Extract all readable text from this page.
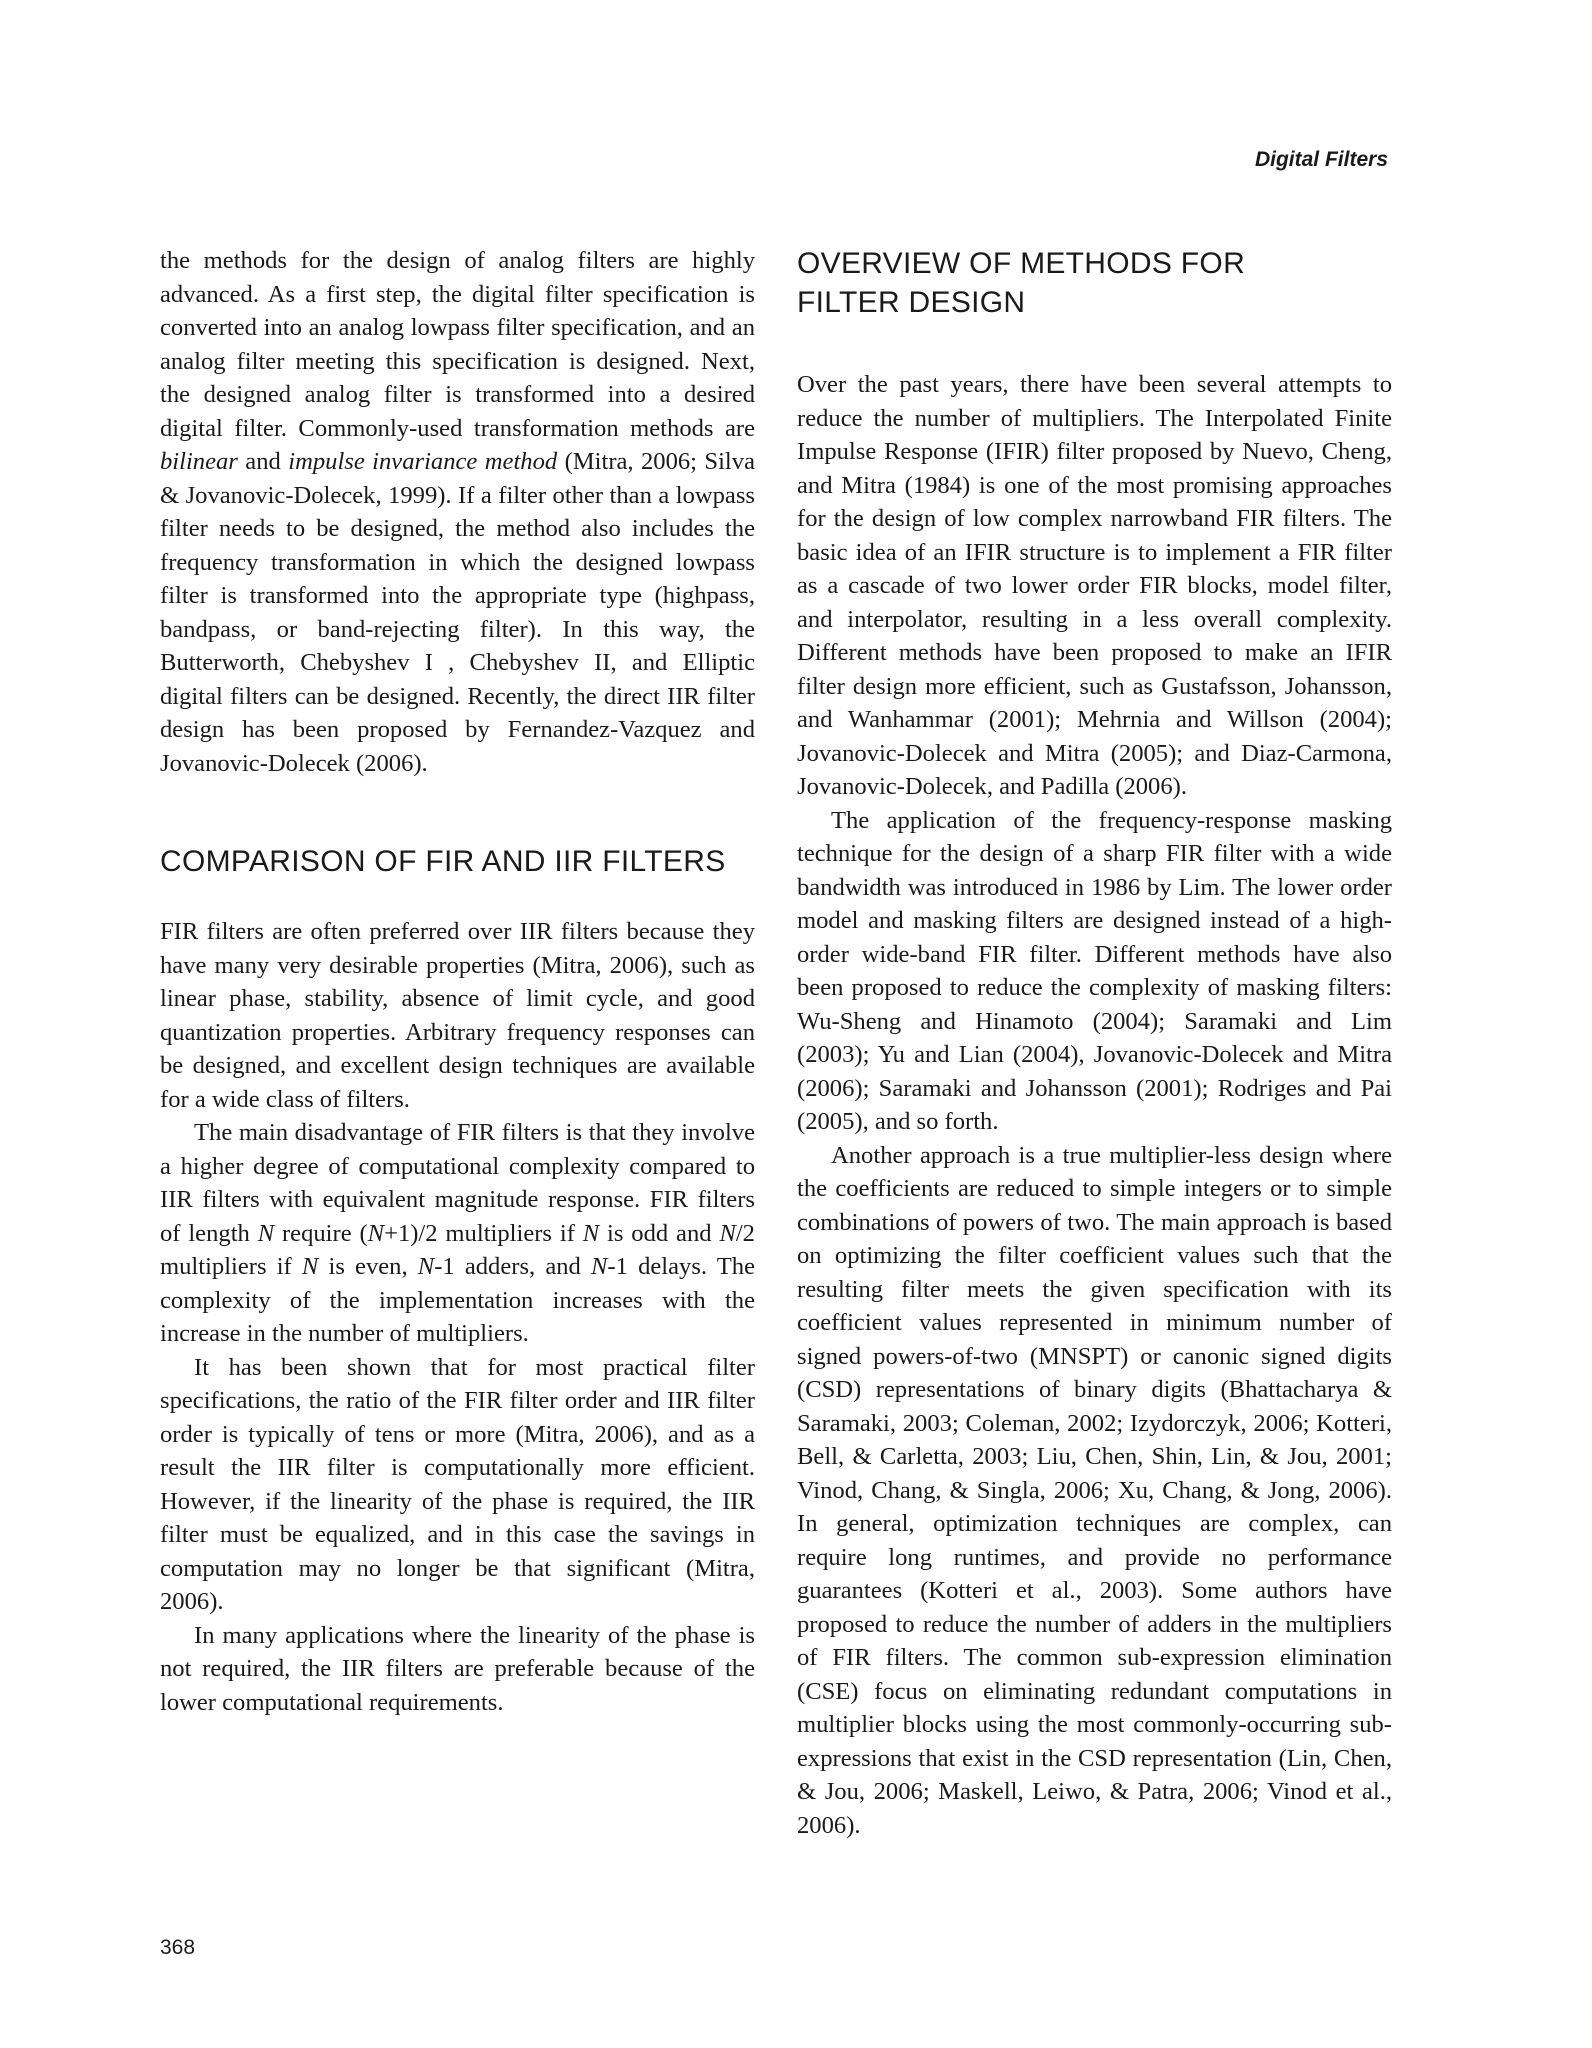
Digital Filters

the methods for the design of analog filters are highly advanced. As a first step, the digital filter specification is converted into an analog lowpass filter specification, and an analog filter meeting this specification is designed. Next, the designed analog filter is transformed into a desired digital filter. Commonly-used transformation methods are bilinear and impulse invariance method (Mitra, 2006; Silva & Jovanovic-Dolecek, 1999). If a filter other than a lowpass filter needs to be designed, the method also includes the frequency transformation in which the designed lowpass filter is transformed into the appropriate type (highpass, bandpass, or band-rejecting filter). In this way, the Butterworth, Chebyshev I , Chebyshev II, and Elliptic digital filters can be designed. Recently, the direct IIR filter design has been proposed by Fernandez-Vazquez and Jovanovic-Dolecek (2006).

COMPARISON OF FIR AND IIR FILTERS

FIR filters are often preferred over IIR filters because they have many very desirable properties (Mitra, 2006), such as linear phase, stability, absence of limit cycle, and good quantization properties. Arbitrary frequency responses can be designed, and excellent design techniques are available for a wide class of filters.

The main disadvantage of FIR filters is that they involve a higher degree of computational complexity compared to IIR filters with equivalent magnitude response. FIR filters of length N require (N+1)/2 multipliers if N is odd and N/2 multipliers if N is even, N-1 adders, and N-1 delays. The complexity of the implementation increases with the increase in the number of multipliers.

It has been shown that for most practical filter specifications, the ratio of the FIR filter order and IIR filter order is typically of tens or more (Mitra, 2006), and as a result the IIR filter is computationally more efficient. However, if the linearity of the phase is required, the IIR filter must be equalized, and in this case the savings in computation may no longer be that significant (Mitra, 2006).

In many applications where the linearity of the phase is not required, the IIR filters are preferable because of the lower computational requirements.

OVERVIEW OF METHODS FOR
FILTER DESIGN

Over the past years, there have been several attempts to reduce the number of multipliers. The Interpolated Finite Impulse Response (IFIR) filter proposed by Nuevo, Cheng, and Mitra (1984) is one of the most promising approaches for the design of low complex narrowband FIR filters. The basic idea of an IFIR structure is to implement a FIR filter as a cascade of two lower order FIR blocks, model filter, and interpolator, resulting in a less overall complexity. Different methods have been proposed to make an IFIR filter design more efficient, such as Gustafsson, Johansson, and Wanhammar (2001); Mehrnia and Willson (2004); Jovanovic-Dolecek and Mitra (2005); and Diaz-Carmona, Jovanovic-Dolecek, and Padilla (2006).

The application of the frequency-response masking technique for the design of a sharp FIR filter with a wide bandwidth was introduced in 1986 by Lim. The lower order model and masking filters are designed instead of a high-order wide-band FIR filter. Different methods have also been proposed to reduce the complexity of masking filters: Wu-Sheng and Hinamoto (2004); Saramaki and Lim (2003); Yu and Lian (2004), Jovanovic-Dolecek and Mitra (2006); Saramaki and Johansson (2001); Rodriges and Pai (2005), and so forth.

Another approach is a true multiplier-less design where the coefficients are reduced to simple integers or to simple combinations of powers of two. The main approach is based on optimizing the filter coefficient values such that the resulting filter meets the given specification with its coefficient values represented in minimum number of signed powers-of-two (MNSPT) or canonic signed digits (CSD) representations of binary digits (Bhattacharya & Saramaki, 2003; Coleman, 2002; Izydorczyk, 2006; Kotteri, Bell, & Carletta, 2003; Liu, Chen, Shin, Lin, & Jou, 2001; Vinod, Chang, & Singla, 2006; Xu, Chang, & Jong, 2006). In general, optimization techniques are complex, can require long runtimes, and provide no performance guarantees (Kotteri et al., 2003). Some authors have proposed to reduce the number of adders in the multipliers of FIR filters. The common sub-expression elimination (CSE) focus on eliminating redundant computations in multiplier blocks using the most commonly-occurring sub-expressions that exist in the CSD representation (Lin, Chen, & Jou, 2006; Maskell, Leiwo, & Patra, 2006; Vinod et al., 2006).

368
